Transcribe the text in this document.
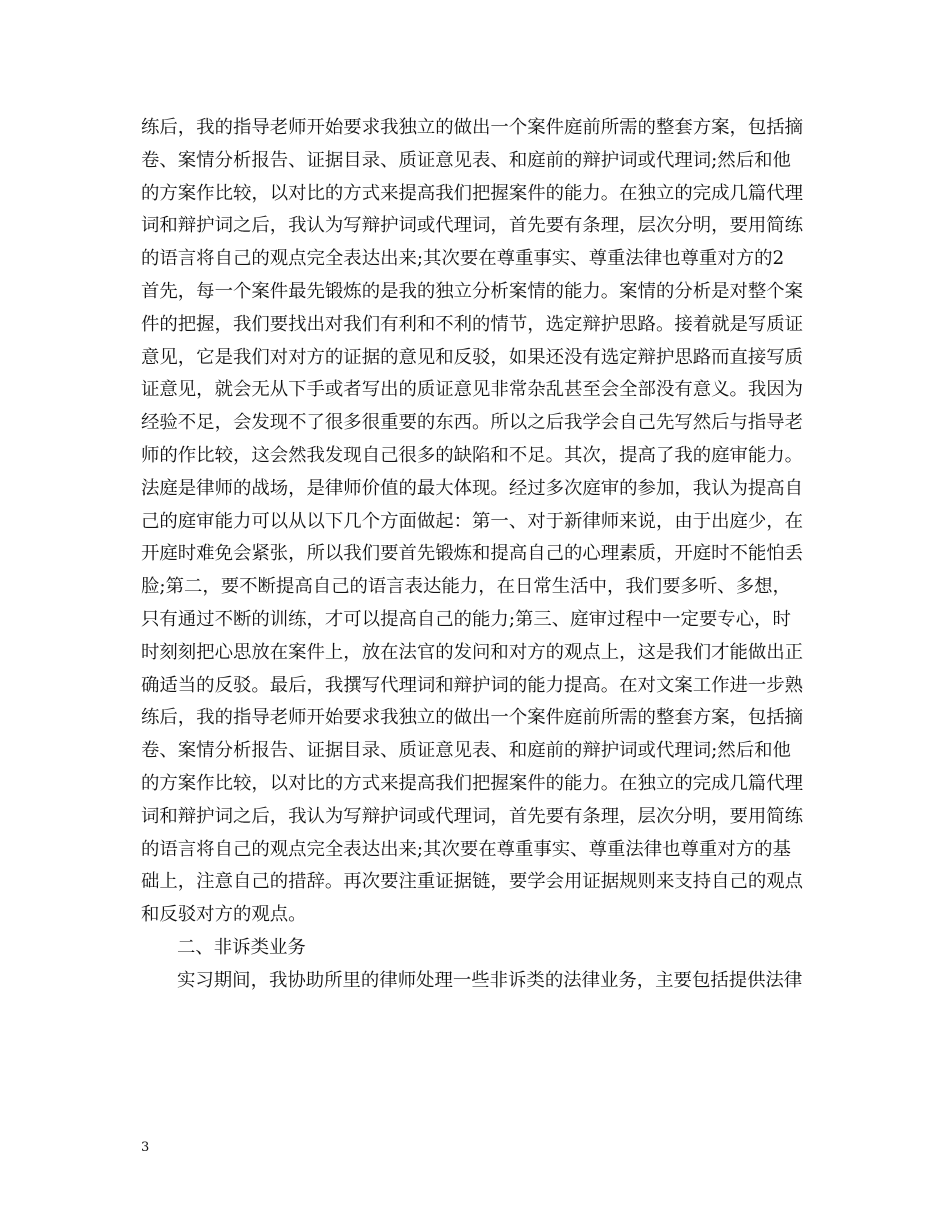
练后，我的指导老师开始要求我独立的做出一个案件庭前所需的整套方案，包括摘
卷、案情分析报告、证据目录、质证意见表、和庭前的辩护词或代理词;然后和他
的方案作比较，以对比的方式来提高我们把握案件的能力。在独立的完成几篇代理
词和辩护词之后，我认为写辩护词或代理词，首先要有条理，层次分明，要用简练
的语言将自己的观点完全表达出来;其次要在尊重事实、尊重法律也尊重对方的2
首先，每一个案件最先锻炼的是我的独立分析案情的能力。案情的分析是对整个案
件的把握，我们要找出对我们有利和不利的情节，选定辩护思路。接着就是写质证
意见，它是我们对对方的证据的意见和反驳，如果还没有选定辩护思路而直接写质
证意见，就会无从下手或者写出的质证意见非常杂乱甚至会全部没有意义。我因为
经验不足，会发现不了很多很重要的东西。所以之后我学会自己先写然后与指导老
师的作比较，这会然我发现自己很多的缺陷和不足。其次，提高了我的庭审能力。
法庭是律师的战场，是律师价值的最大体现。经过多次庭审的参加，我认为提高自
己的庭审能力可以从以下几个方面做起：第一、对于新律师来说，由于出庭少，在
开庭时难免会紧张，所以我们要首先锻炼和提高自己的心理素质，开庭时不能怕丢
脸;第二，要不断提高自己的语言表达能力，在日常生活中，我们要多听、多想，
只有通过不断的训练，才可以提高自己的能力;第三、庭审过程中一定要专心，时
时刻刻把心思放在案件上，放在法官的发问和对方的观点上，这是我们才能做出正
确适当的反驳。最后，我撰写代理词和辩护词的能力提高。在对文案工作进一步熟
练后，我的指导老师开始要求我独立的做出一个案件庭前所需的整套方案，包括摘
卷、案情分析报告、证据目录、质证意见表、和庭前的辩护词或代理词;然后和他
的方案作比较，以对比的方式来提高我们把握案件的能力。在独立的完成几篇代理
词和辩护词之后，我认为写辩护词或代理词，首先要有条理，层次分明，要用简练
的语言将自己的观点完全表达出来;其次要在尊重事实、尊重法律也尊重对方的基
础上，注意自己的措辞。再次要注重证据链，要学会用证据规则来支持自己的观点
和反驳对方的观点。
二、非诉类业务
实习期间，我协助所里的律师处理一些非诉类的法律业务，主要包括提供法律
3
